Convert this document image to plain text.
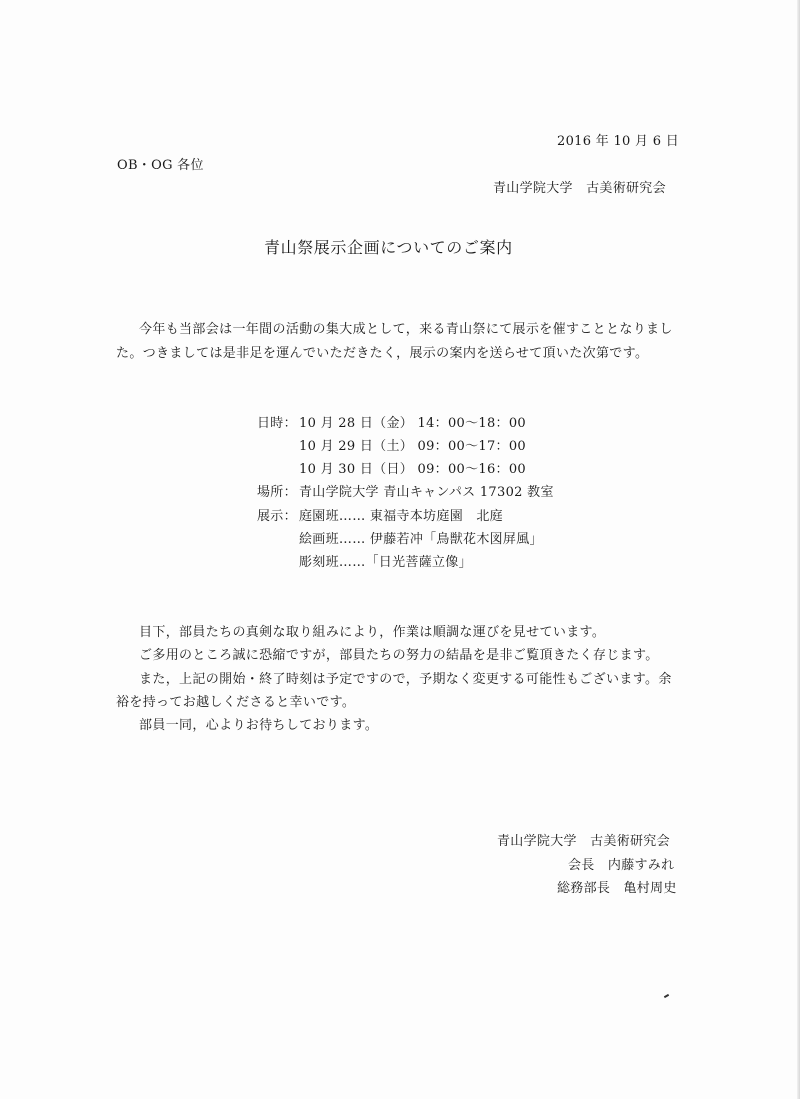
2016 年 10 月 6 日
OB・OG 各位
青山学院大学　古美術研究会
青山祭展示企画についてのご案内
今年も当部会は一年間の活動の集大成として，来る青山祭にて展示を催すこととなりまし
た。つきましては是非足を運んでいただきたく，展示の案内を送らせて頂いた次第です。
日時： 10 月 28 日（金） 14：00〜18：00
10 月 29 日（土） 09：00〜17：00
10 月 30 日（日） 09：00〜16：00
場所： 青山学院大学 青山キャンパス 17302 教室
展示： 庭園班…… 東福寺本坊庭園　北庭
絵画班…… 伊藤若冲「鳥獣花木図屏風」
彫刻班……「日光菩薩立像」
目下，部員たちの真剣な取り組みにより，作業は順調な運びを見せています。
ご多用のところ誠に恐縮ですが，部員たちの努力の結晶を是非ご覧頂きたく存じます。
また，上記の開始・終了時刻は予定ですので，予期なく変更する可能性もございます。余
裕を持ってお越しくださると幸いです。
部員一同，心よりお待ちしております。
青山学院大学　古美術研究会
会長　内藤すみれ
総務部長　亀村周史
